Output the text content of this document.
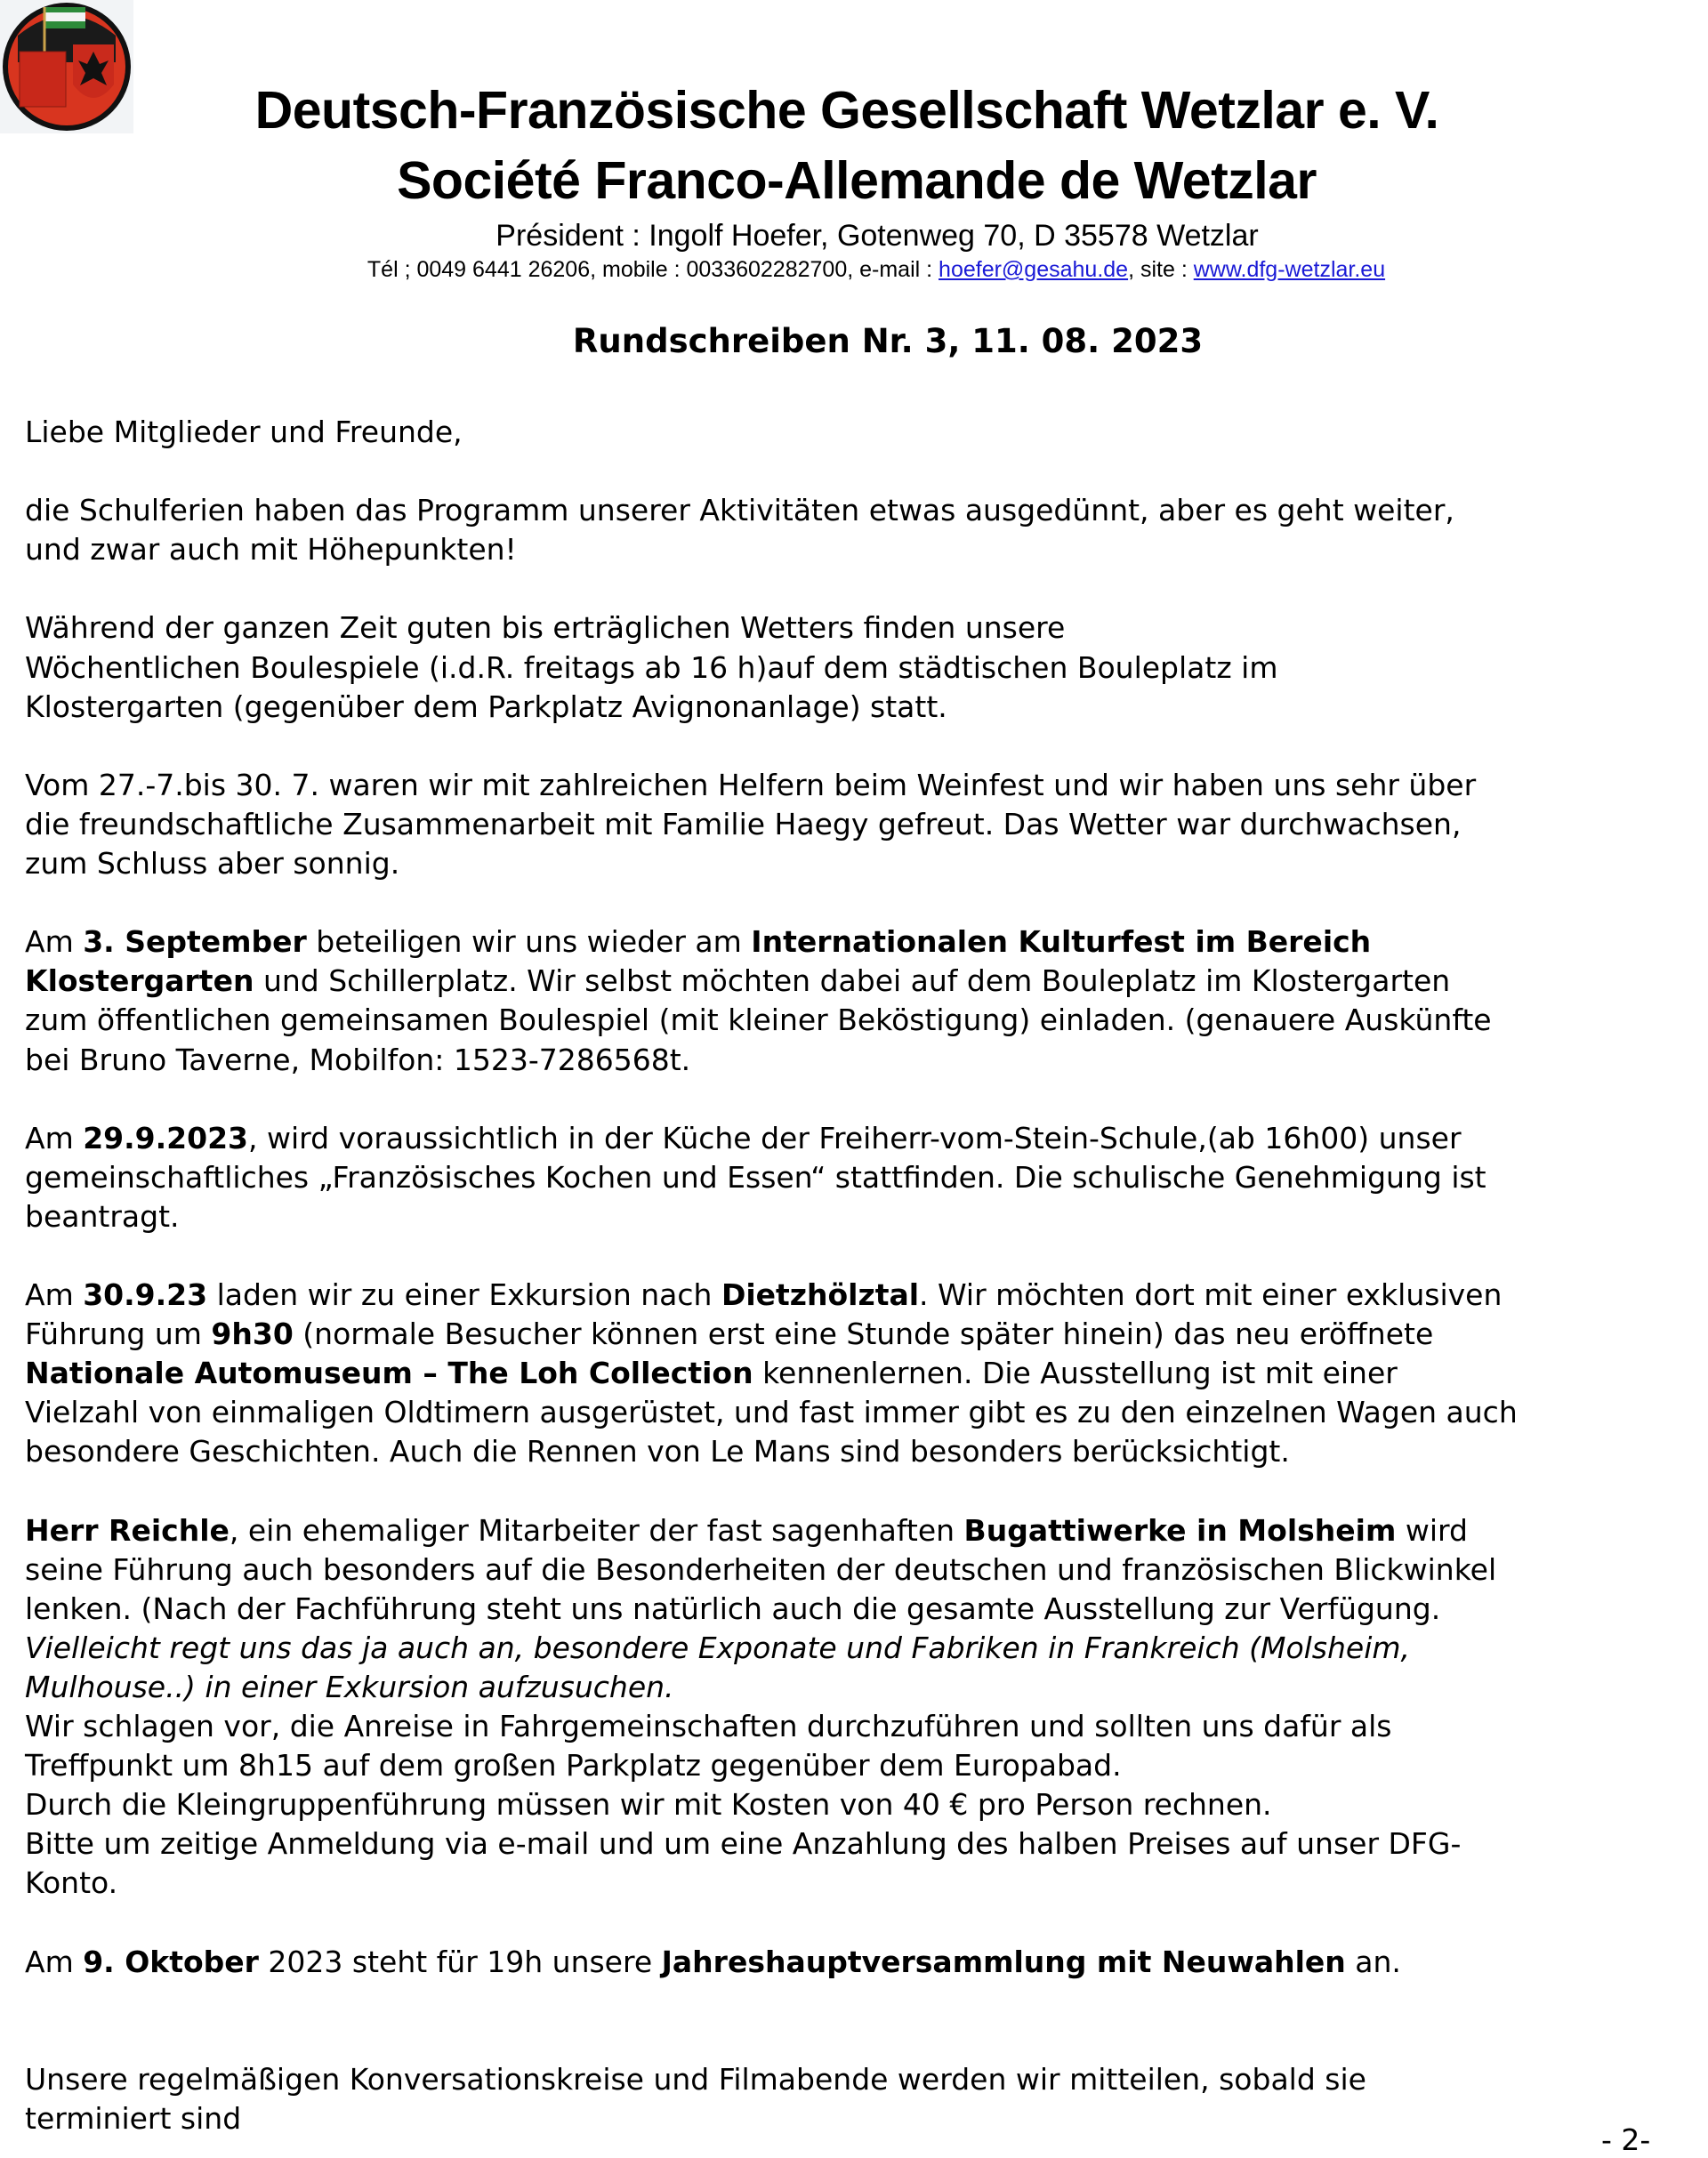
Deutsch-Französische Gesellschaft Wetzlar e. V.
Société Franco-Allemande de Wetzlar
Président : Ingolf Hoefer, Gotenweg 70, D 35578 Wetzlar
Tél ; 0049 6441 26206, mobile : 0033602282700, e-mail : hoefer@gesahu.de, site : www.dfg-wetzlar.eu
Rundschreiben Nr. 3, 11. 08. 2023
Liebe Mitglieder und Freunde,
die Schulferien haben das Programm unserer Aktivitäten etwas ausgedünnt, aber es geht weiter,
und zwar auch mit Höhepunkten!
Während der ganzen Zeit guten bis erträglichen Wetters finden unsere
Wöchentlichen Boulespiele (i.d.R. freitags ab 16 h)auf dem städtischen Bouleplatz im
Klostergarten (gegenüber dem Parkplatz Avignonanlage) statt.
Vom 27.-7.bis 30. 7. waren wir mit zahlreichen Helfern beim Weinfest und wir haben uns sehr über
die freundschaftliche Zusammenarbeit mit Familie Haegy gefreut. Das Wetter war durchwachsen,
zum Schluss aber sonnig.
Am 3. September beteiligen wir uns wieder am Internationalen Kulturfest im Bereich
Klostergarten und Schillerplatz. Wir selbst möchten dabei auf dem Bouleplatz im Klostergarten
zum öffentlichen gemeinsamen Boulespiel (mit kleiner Beköstigung) einladen. (genauere Auskünfte
bei Bruno Taverne, Mobilfon: 1523-7286568t.
Am 29.9.2023, wird voraussichtlich in der Küche der Freiherr-vom-Stein-Schule,(ab 16h00) unser
gemeinschaftliches „Französisches Kochen und Essen“ stattfinden. Die schulische Genehmigung ist
beantragt.
Am 30.9.23 laden wir zu einer Exkursion nach Dietzhölztal. Wir möchten dort mit einer exklusiven
Führung um 9h30 (normale Besucher können erst eine Stunde später hinein) das neu eröffnete
Nationale Automuseum – The Loh Collection kennenlernen. Die Ausstellung ist mit einer
Vielzahl von einmaligen Oldtimern ausgerüstet, und fast immer gibt es zu den einzelnen Wagen auch
besondere Geschichten. Auch die Rennen von Le Mans sind besonders berücksichtigt.
Herr Reichle, ein ehemaliger Mitarbeiter der fast sagenhaften Bugattiwerke in Molsheim wird
seine Führung auch besonders auf die Besonderheiten der deutschen und französischen Blickwinkel
lenken. (Nach der Fachführung steht uns natürlich auch die gesamte Ausstellung zur Verfügung.
Vielleicht regt uns das ja auch an, besondere Exponate und Fabriken in Frankreich (Molsheim,
Mulhouse..) in einer Exkursion aufzusuchen.
Wir schlagen vor, die Anreise in Fahrgemeinschaften durchzuführen und sollten uns dafür als
Treffpunkt um 8h15 auf dem großen Parkplatz gegenüber dem Europabad.
Durch die Kleingruppenführung müssen wir mit Kosten von 40 € pro Person rechnen.
Bitte um zeitige Anmeldung via e-mail und um eine Anzahlung des halben Preises auf unser DFG-
Konto.
Am 9. Oktober 2023 steht für 19h unsere Jahreshauptversammlung mit Neuwahlen an.
Unsere regelmäßigen Konversationskreise und Filmabende werden wir mitteilen, sobald sie
terminiert sind
- 2-
